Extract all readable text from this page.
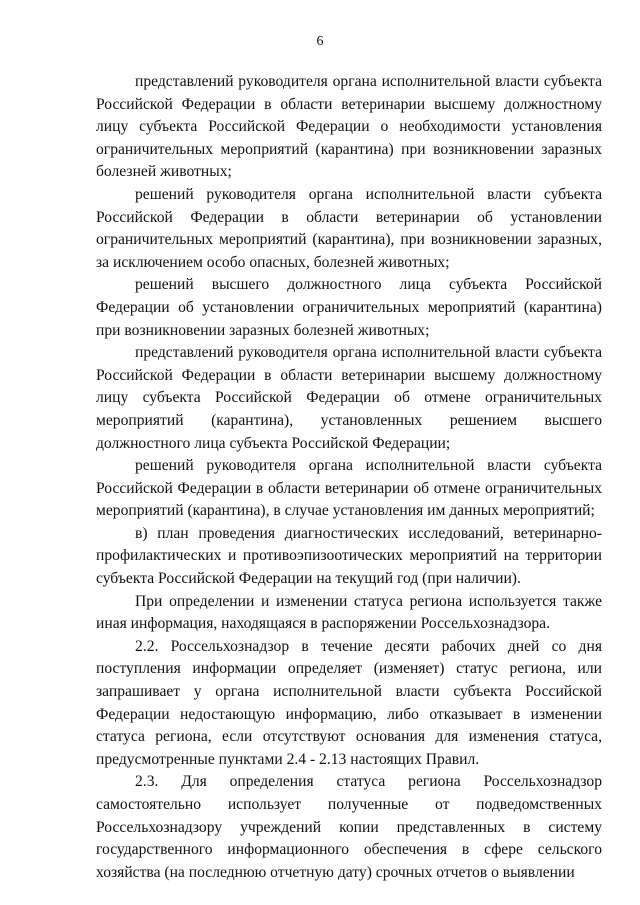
6

представлений руководителя органа исполнительной власти субъекта Российской Федерации в области ветеринарии высшему должностному лицу субъекта Российской Федерации о необходимости установления ограничительных мероприятий (карантина) при возникновении заразных болезней животных;

решений руководителя органа исполнительной власти субъекта Российской Федерации в области ветеринарии об установлении ограничительных мероприятий (карантина), при возникновении заразных, за исключением особо опасных, болезней животных;

решений высшего должностного лица субъекта Российской Федерации об установлении ограничительных мероприятий (карантина) при возникновении заразных болезней животных;

представлений руководителя органа исполнительной власти субъекта Российской Федерации в области ветеринарии высшему должностному лицу субъекта Российской Федерации об отмене ограничительных мероприятий (карантина), установленных решением высшего должностного лица субъекта Российской Федерации;

решений руководителя органа исполнительной власти субъекта Российской Федерации в области ветеринарии об отмене ограничительных мероприятий (карантина), в случае установления им данных мероприятий;

в) план проведения диагностических исследований, ветеринарно-профилактических и противоэпизоотических мероприятий на территории субъекта Российской Федерации на текущий год (при наличии).

При определении и изменении статуса региона используется также иная информация, находящаяся в распоряжении Россельхознадзора.

2.2. Россельхознадзор в течение десяти рабочих дней со дня поступления информации определяет (изменяет) статус региона, или запрашивает у органа исполнительной власти субъекта Российской Федерации недостающую информацию, либо отказывает в изменении статуса региона, если отсутствуют основания для изменения статуса, предусмотренные пунктами 2.4 - 2.13 настоящих Правил.

2.3. Для определения статуса региона Россельхознадзор самостоятельно использует полученные от подведомственных Россельхознадзору учреждений копии представленных в систему государственного информационного обеспечения в сфере сельского хозяйства (на последнюю отчетную дату) срочных отчетов о выявлении
